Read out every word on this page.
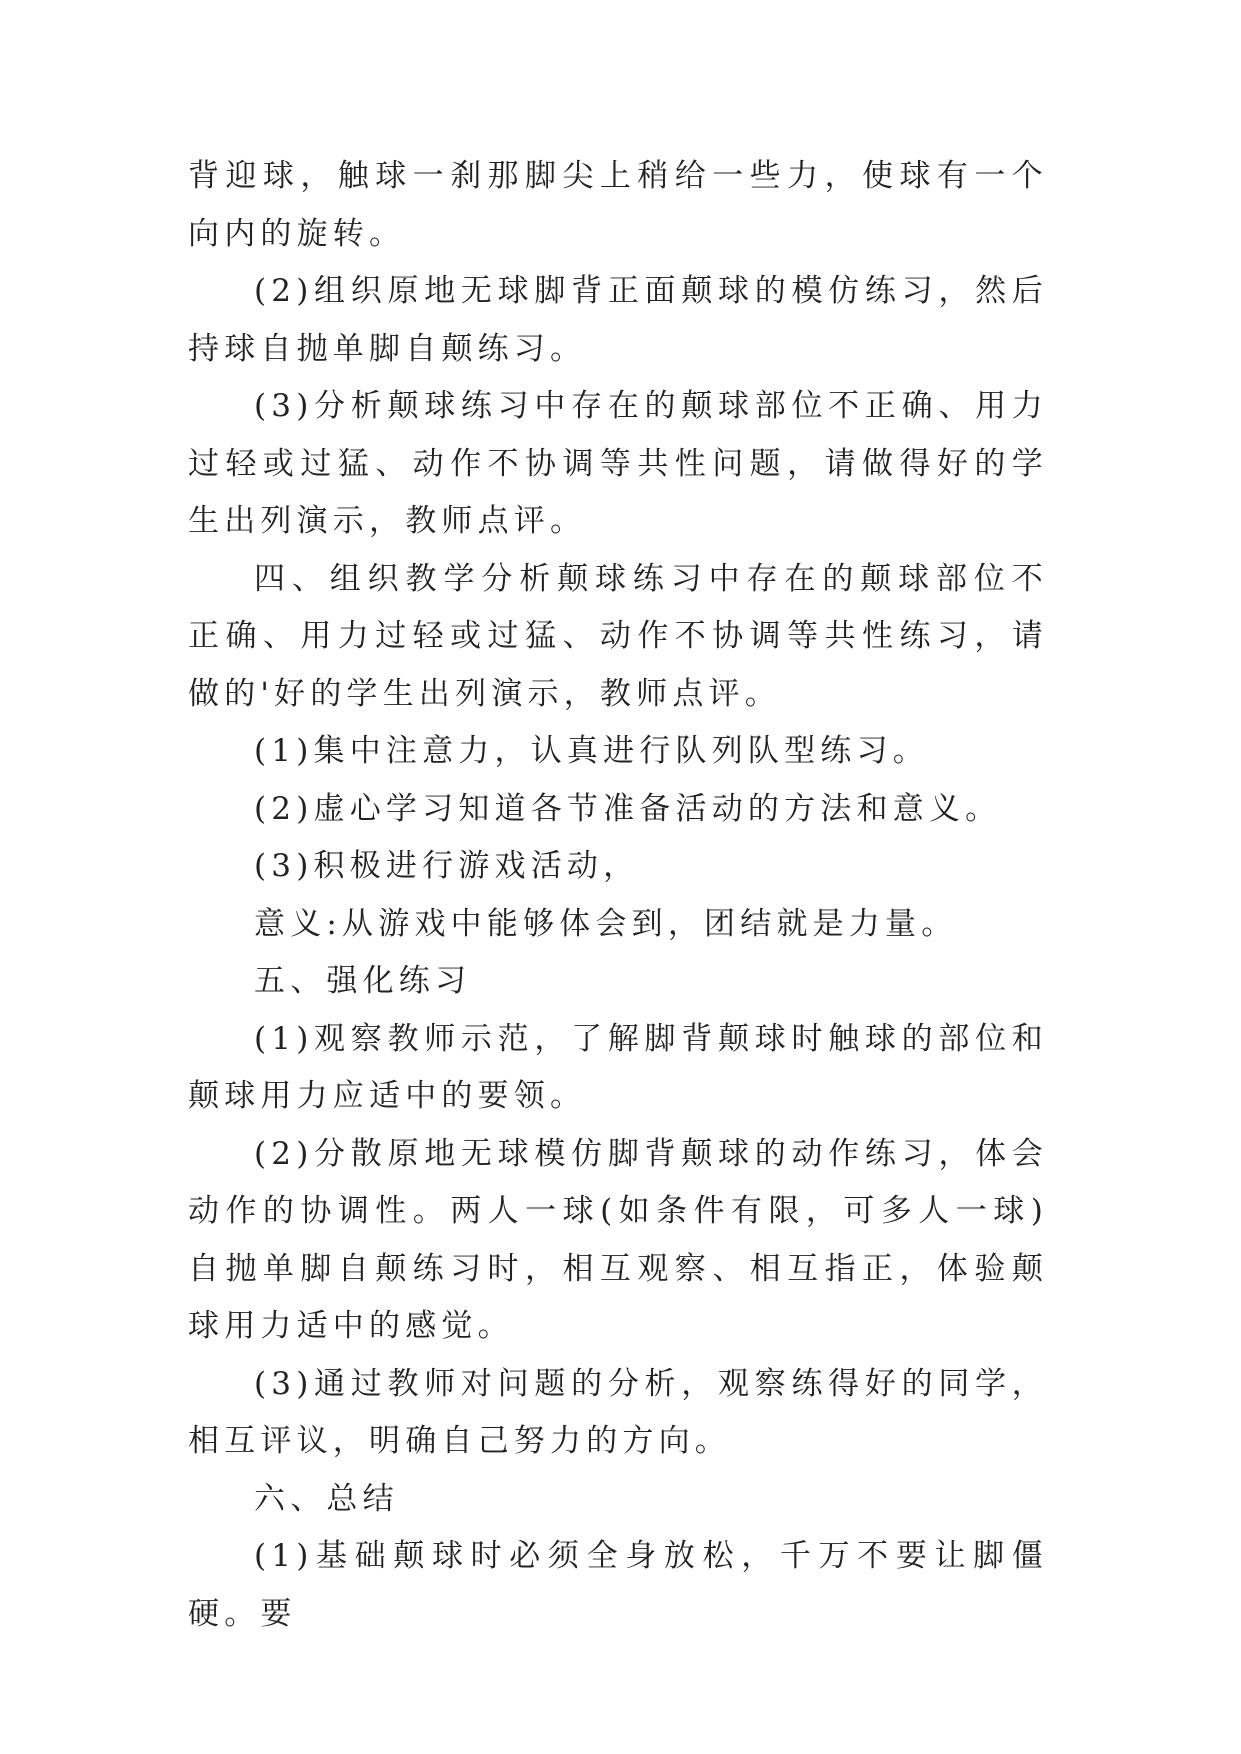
背迎球，触球一刹那脚尖上稍给一些力，使球有一个向内的旋转。

(2)组织原地无球脚背正面颠球的模仿练习，然后持球自抛单脚自颠练习。

(3)分析颠球练习中存在的颠球部位不正确、用力过轻或过猛、动作不协调等共性问题，请做得好的学生出列演示，教师点评。

四、组织教学分析颠球练习中存在的颠球部位不正确、用力过轻或过猛、动作不协调等共性练习，请做的'好的学生出列演示，教师点评。

(1)集中注意力，认真进行队列队型练习。

(2)虚心学习知道各节准备活动的方法和意义。

(3)积极进行游戏活动，

意义:从游戏中能够体会到，团结就是力量。

五、强化练习

(1)观察教师示范，了解脚背颠球时触球的部位和颠球用力应适中的要领。

(2)分散原地无球模仿脚背颠球的动作练习，体会动作的协调性。两人一球(如条件有限，可多人一球)自抛单脚自颠练习时，相互观察、相互指正，体验颠球用力适中的感觉。

(3)通过教师对问题的分析，观察练得好的同学，相互评议，明确自己努力的方向。

六、总结

(1)基础颠球时必须全身放松，千万不要让脚僵硬。要
